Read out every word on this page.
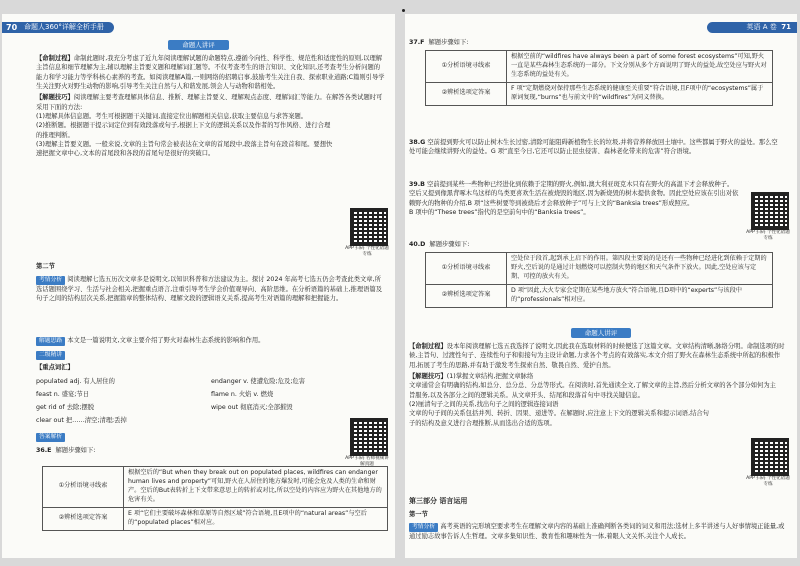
命题人360°详解全析手册
70
命题人讲评
【命制过程】命制此题时,我充分考虑了近九年阅读理解试题的命题特点,遵循今向性、科学性、规范性和适度性的原则,以理解主旨信息和细节理解为主,辅以理解主旨要义题和理解词汇题等。不仅考查考生的语言知识、文化知识,还考查考生分析问题的能力和学习能力等学科核心素养的考查。如阅读理解A篇,一则网络的招聘启事,鼓励考生关注自我、探索职业道路;C篇则引导学生关注野火对野生动物的影响,引导考生关注自然与人和谐发展,领会人与动物和谐相处。
【解题技巧】阅读理解主要考查理解具体信息、推断、理解主旨要义、理解观点态度、理解词汇等能力。在解答各类试题时可采用下面的方法:
(1)理解具体信息题。考生可根据题干关键词,直接定位出解题相关信息,获取主要信息与求答案题。
(2)推断题。根据题干提示词定位到有效段落或句子,根据上下文的逻辑关系以及作者的写作风格、进行合理的推理判断。
(3)理解主旨要义题。一般来说,文章的主旨句常会被表达在文章的首尾段中,段落主旨句在段首和尾。要想快速把握文章中心,文本的首尾段和各段的首尾句是很好的突破口。
APP 扫码 个性化错题专练
第二节
考情分析 阅读理解七选五历次文章多是说明文,以知识科普和方法建议为主。探讨 2024 年高考七选五仍会考查此类文章,所选话题围绕学习、生活与社会相关,把握重点语言,注重引导考生学会价值观导向、高阶思维。在分析语篇的基础上,推理语篇及句子之间的结构层次关系,把握篇章的整体结构、理解文段的逻辑语义关系,提高考生对语篇的理解和把握能力。
解题思路 本文是一篇说明文,文章主要介绍了野火对森林生态系统的影响和作用。
二级精讲
【重点词汇】
populated adj. 有人居住的	endanger v. 使遭危险;危及;危害
feast n. 盛宴;节日	flame n. 火焰 v. 燃烧
get rid of 去除;摆脱	wipe out 彻底消灭;全部摧毁
clear out 把……清空;清理;丢掉
答案解析
36.E 解题步骤如下:
APP 扫码 名师视频讲解真题
①分析语境寻线索	根据空后的“But when they break out on populated places, wildfires can endanger human lives and property”可知,野火在人居住的地方爆发时,可能会危及人类的生命和财产。空后的But表转折上下文带来意思上的转折或对比,所以空处的内容应为野火在其他地方的危害有关。
②辨析选项定答案	E 项“它们主要破坏森林和草原等自然区域”符合语境,且E项中的“natural areas”与空后的“populated places”相对应。
英语 A 卷 71
37.F 解题步骤如下:
①分析语境寻线索	根据空前的“wildfires have always been a part of some forest ecosystems”可知,野火一直是某些森林生态系统的一部分。下文分别从多个方面说明了野火的益处,故空处应与野火对生态系统的益处有关。
②辨析选项定答案	F 项“定期燃烧对保持那些生态系统的健康至关重要”符合语境,且F项中的“ecosystems”属于原词复现,“burns”也与前文中的“wildfires”为同义替换。
38.G 空前提到野火可以防止树木生长过密,清除可能阻碍新植物生长的垃圾,并将营养释放回土壤中。这些都属于野火的益处。那么空处可能会继续讲野火的益处。G 项“直至今日,它还可以防止昆虫侵害、森林老化带来的危害”符合语境。
39.B 空前提到某些一些物种已经进化到依赖于定期的野火,例如,澳大利亚斑克木只有在野火的高温下才会释放种子。空后又提到像黑背啄木鸟这样的鸟类更喜欢生活在被烧毁的地区,因为新烧毁的树木提供食物。因此空处应该在引出对依赖野火的物种的介绍,B 项“这些树要等到被烧后才会释放种子”可与上文的“Banksia trees”形成照应。
B 项中的“These trees”指代的是空前句中的“Banksia trees”。
APP 扫码 个性化错题专练
40.D 解题步骤如下:
①分析语境寻线索	空处位于段首,起到承上启下的作用。第四段主要说的是还有一些物种已经进化到依赖于定期的野火,空后说的是通过计划燃烧可以控制火势的地区和天气条件下放火。因此,空处应该与定期、可控的放火有关。
②辨析选项定答案	D 项“因此,大火专家会定期在某些地方放火”符合语境,且D项中的“experts”与该段中的“professionals”相对应。
命题人讲评
【命制过程】设本年阅读理解七选五我选择了说明文,因此我在选取材料的时候便选了这篇文章。文章结构清晰,脉络分明。命制选项的时候,主旨句、过渡性句子、连续性句子和衔接句为主设计命题,力求各个考点的有效落实,本文介绍了野火在森林生态系统中所起的积极作用,拓展了考生的思路,并有助于激发考生探索自然、敬畏自然、爱护自然。
【解题技巧】(1)掌握文章结构,把握文章脉络
文章通常会有明确的结构,如总分、总分总、分总等形式。在阅读时,首先通读全文,了解文章的主旨,然后分析文章的各个部分如何为主旨服务,以及各部分之间的逻辑关系。从文章开头、结尾和段落首句中寻找关键信息。
(2)厘清句子之间的关系,找出句子之间的逻辑连接词语
文章的句子间的关系包括并列、转折、因果、递进等。在解题时,应注意上下文的逻辑关系和提示词语,结合句子的结构及意义进行合理推断,从而选出合适的选项。
APP 扫码 个性化错题专练
第三部分 语言运用
第一节
考情分析 高考英语的完形填空要求考生在理解文章内容的基础上准确判断各类词的词义和用法;选材上多半讲述与人好事情境正能量,或通过励志故事告诉人生哲理。文章多集知识性、教育性和趣味性为一体,着眼人文关怀,关注个人成长。
